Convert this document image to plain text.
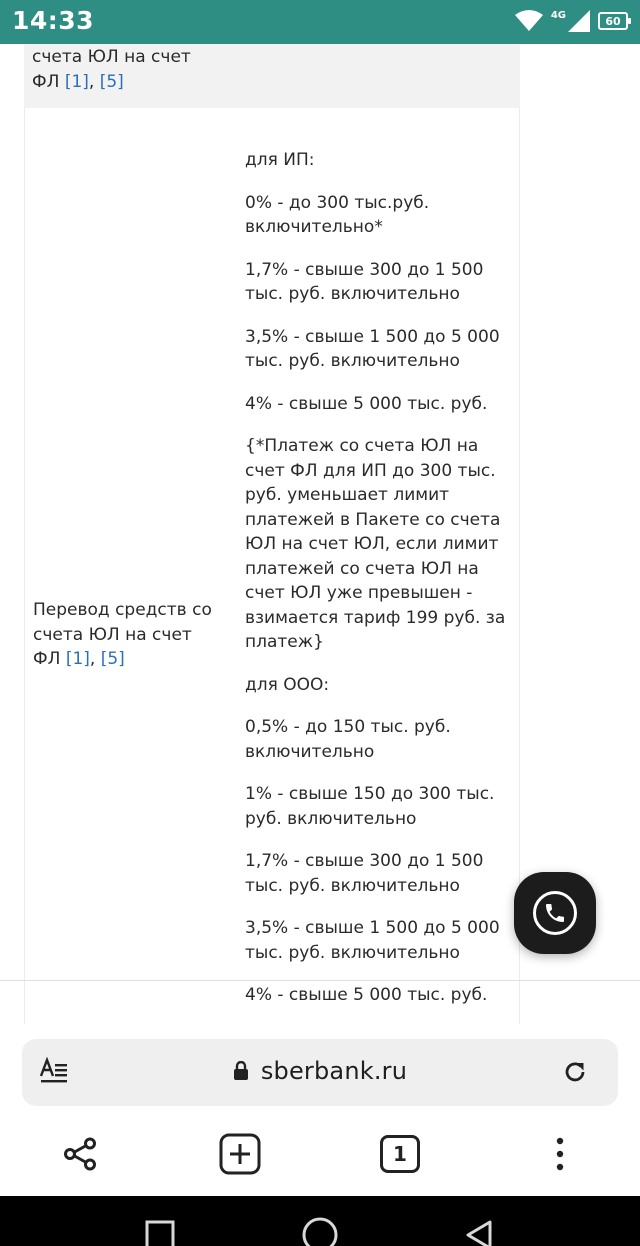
14:33	4G	60
счета ЮЛ на счет
ФЛ [1], [5]
Перевод средств со
счета ЮЛ на счет
ФЛ [1], [5]

для ИП:

0% - до 300 тыс.руб. включительно*

1,7% - свыше 300 до 1 500 тыс. руб. включительно

3,5% - свыше 1 500 до 5 000 тыс. руб. включительно

4% - свыше 5 000 тыс. руб.

{*Платеж со счета ЮЛ на счет ФЛ для ИП до 300 тыс. руб. уменьшает лимит платежей в Пакете со счета ЮЛ на счет ЮЛ, если лимит платежей со счета ЮЛ на счет ЮЛ уже превышен - взимается тариф 199 руб. за платеж}

для ООО:

0,5% - до 150 тыс. руб. включительно

1% - свыше 150 до 300 тыс. руб. включительно

1,7% - свыше 300 до 1 500 тыс. руб. включительно

3,5% - свыше 1 500 до 5 000 тыс. руб. включительно

4% - свыше 5 000 тыс. руб.

sberbank.ru
1
